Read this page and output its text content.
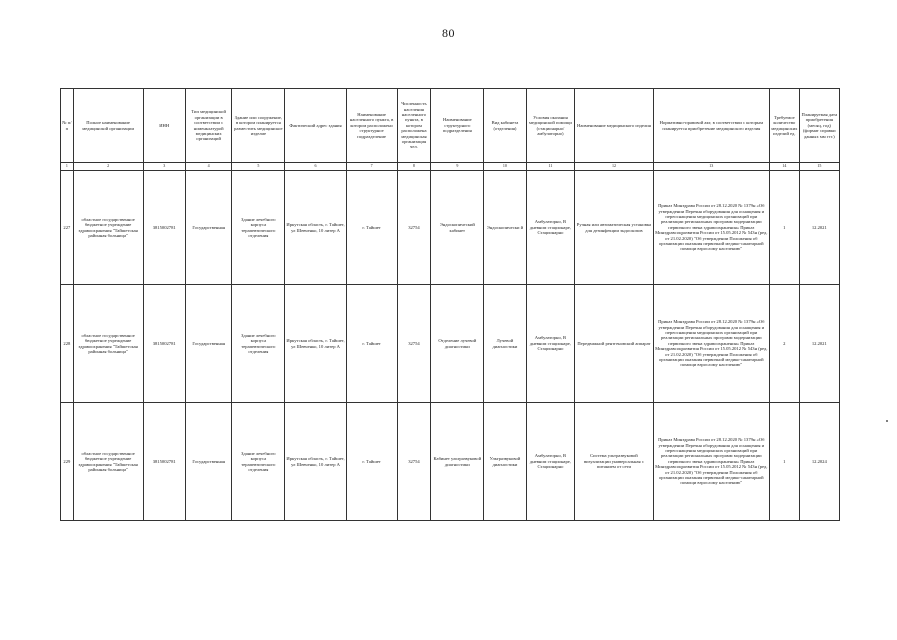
80
№ п/п	Полное наименование медицинской организации	ИНН	Тип медицинской организации в соответствии с номенклатурой медицинских организаций	Здание или сооружение, в котором планируется разместить медицинское изделие	Фактический адрес здания	Наименование населенного пункта, в котором расположено структурное подразделение	Численность населения населенного пункта, в котором расположена медицинская организация чел.	Наименование структурного подразделения	Вид кабинета (отделения)	Условия оказания медицинской помощи (стационарно/амбулаторно)	Наименование медицинского изделия	Нормативно-правовой акт, в соответствии с которым планируется приобретение медицинского изделия	Требуемое количество медицинских изделий ед.	Планируемая дата приобретения (месяц, год) (формат справки данных мм ггг.)
1	2	3	4	5	6	7	8	9	10	11	12	13	14	15
227	областное государственное бюджетное учреждение здравоохранения "Тайшетская районная больница"	3815002781	Государственная	Здание лечебного корпуса терапевтического отделения	Иркутская область, г. Тайшет, ул Шевченко, 10 литер А	г. Тайшет	32754	Эндоскопический кабинет	Эндоскопически й	Амбулаторно, В дневном стационаре, Стационарно	Ручная или автоматическая установка для дезинфекции эндоскопов	Приказ Минздрава России от 28.12.2020 № 1379н «Об утверждении Перечня оборудования для оснащения и переоснащения медицинских организаций при реализации региональных программ модернизации первичного звена здравоохранения» Приказ Минздравсоцразвития России от 15.05.2012 № 543н (ред. от 21.02.2020) "Об утверждении Положения об организации оказания первичной медико-санитарной помощи взрослому населению"	1	12.2021
228	областное государственное бюджетное учреждение здравоохранения "Тайшетская районная больница"	3815002781	Государственная	Здание лечебного корпуса терапевтического отделения	Иркутская область, г. Тайшет, ул Шевченко, 10 литер А	г. Тайшет	32754	Отделение лучевой диагностики	Лучевой диагностики	Амбулаторно, В дневном стационаре, Стационарно	Передвижной рентгеновский аппарат	Приказ Минздрава России от 28.12.2020 № 1379н «Об утверждении Перечня оборудования для оснащения и переоснащения медицинских организаций при реализации региональных программ модернизации первичного звена здравоохранения» Приказ Минздравсоцразвития России от 15.05.2012 № 543н (ред. от 21.02.2020) "Об утверждении Положения об организации оказания первичной медико-санитарной помощи взрослому населению"	2	12.2021
229	областное государственное бюджетное учреждение здравоохранения "Тайшетская районная больница"	3815002781	Государственная	Здание лечебного корпуса терапевтического отделения	Иркутская область, г. Тайшет, ул Шевченко, 10 литер А	г. Тайшет	32754	Кабинет ультразвуковой диагностики	Ультразвуковой диагностики	Амбулаторно, В дневном стационаре, Стационарно	Система ультразвуковой визуализации универсальная с питанием от сети	Приказ Минздрава России от 28.12.2020 № 1379н «Об утверждении Перечня оборудования для оснащения и переоснащения медицинских организаций при реализации региональных программ модернизации первичного звена здравоохранения» Приказ Минздравсоцразвития России от 15.05.2012 № 543н (ред. от 21.02.2020) "Об утверждении Положения об организации оказания первичной медико-санитарной помощи взрослому населению"	1	12.2024
